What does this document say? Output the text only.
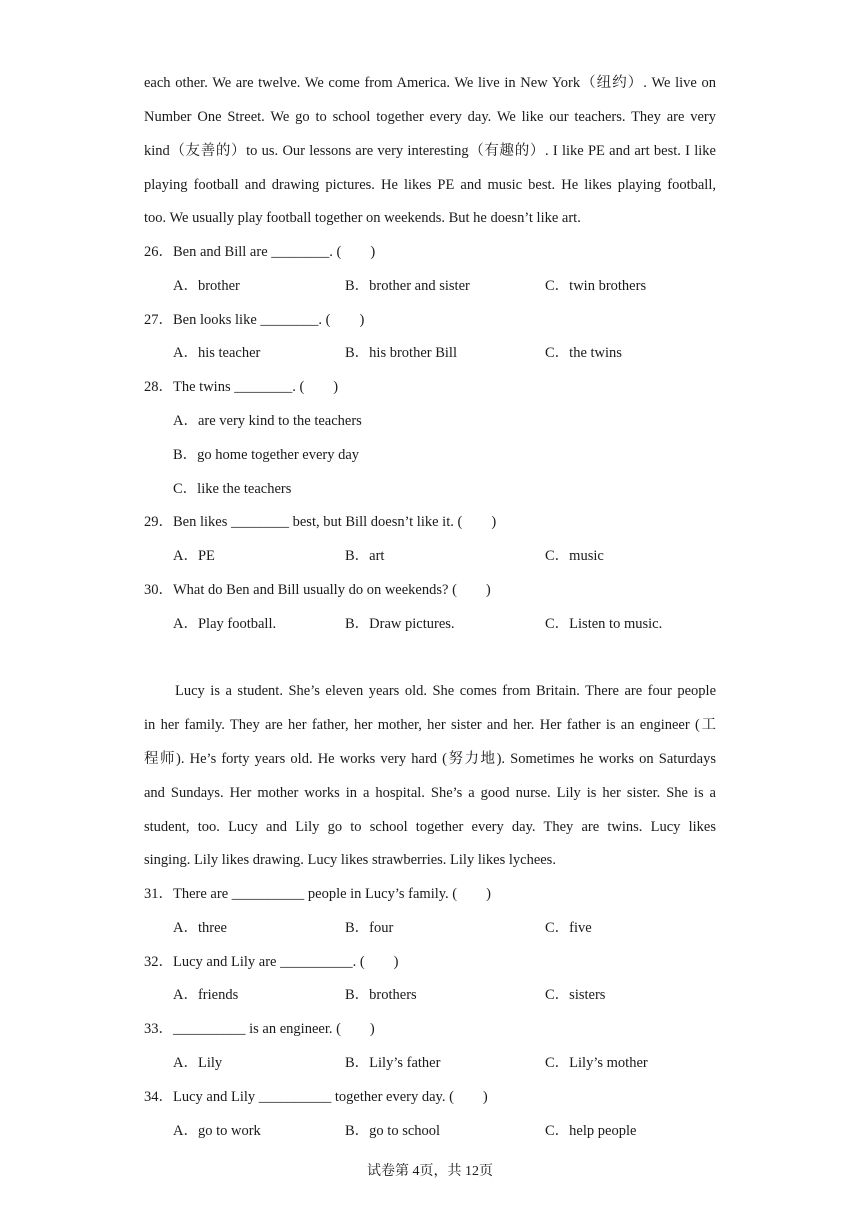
each other. We are twelve. We come from America. We live in New York（纽约）. We live on
Number One Street. We go to school together every day. We like our teachers. They are very
kind（友善的）to us. Our lessons are very interesting（有趣的）. I like PE and art best. I like
playing football and drawing pictures. He likes PE and music best. He likes playing football,
too. We usually play football together on weekends. But he doesn’t like art.
26．Ben and Bill are ________. (　　)
A．brother	B．brother and sister	C．twin brothers
27．Ben looks like ________. (　　)
A．his teacher	B．his brother Bill	C．the twins
28．The twins ________. (　　)
A．are very kind to the teachers
B．go home together every day
C．like the teachers
29．Ben likes ________ best, but Bill doesn’t like it. (　　)
A．PE	B．art	C．music
30．What do Ben and Bill usually do on weekends? (　　)
A．Play football.	B．Draw pictures.	C．Listen to music.
Lucy is a student. She’s eleven years old. She comes from Britain. There are four people
in her family. They are her father, her mother, her sister and her. Her father is an engineer (工
程师). He’s forty years old. He works very hard (努力地). Sometimes he works on Saturdays
and Sundays. Her mother works in a hospital. She’s a good nurse. Lily is her sister. She is a
student, too. Lucy and Lily go to school together every day. They are twins. Lucy likes
singing. Lily likes drawing. Lucy likes strawberries. Lily likes lychees.
31．There are __________ people in Lucy’s family. (　　)
A．three	B．four	C．five
32．Lucy and Lily are __________. (　　)
A．friends	B．brothers	C．sisters
33．__________ is an engineer. (　　)
A．Lily	B．Lily’s father	C．Lily’s mother
34．Lucy and Lily __________ together every day. (　　)
A．go to work	B．go to school	C．help people
试卷第 4页，共 12页
